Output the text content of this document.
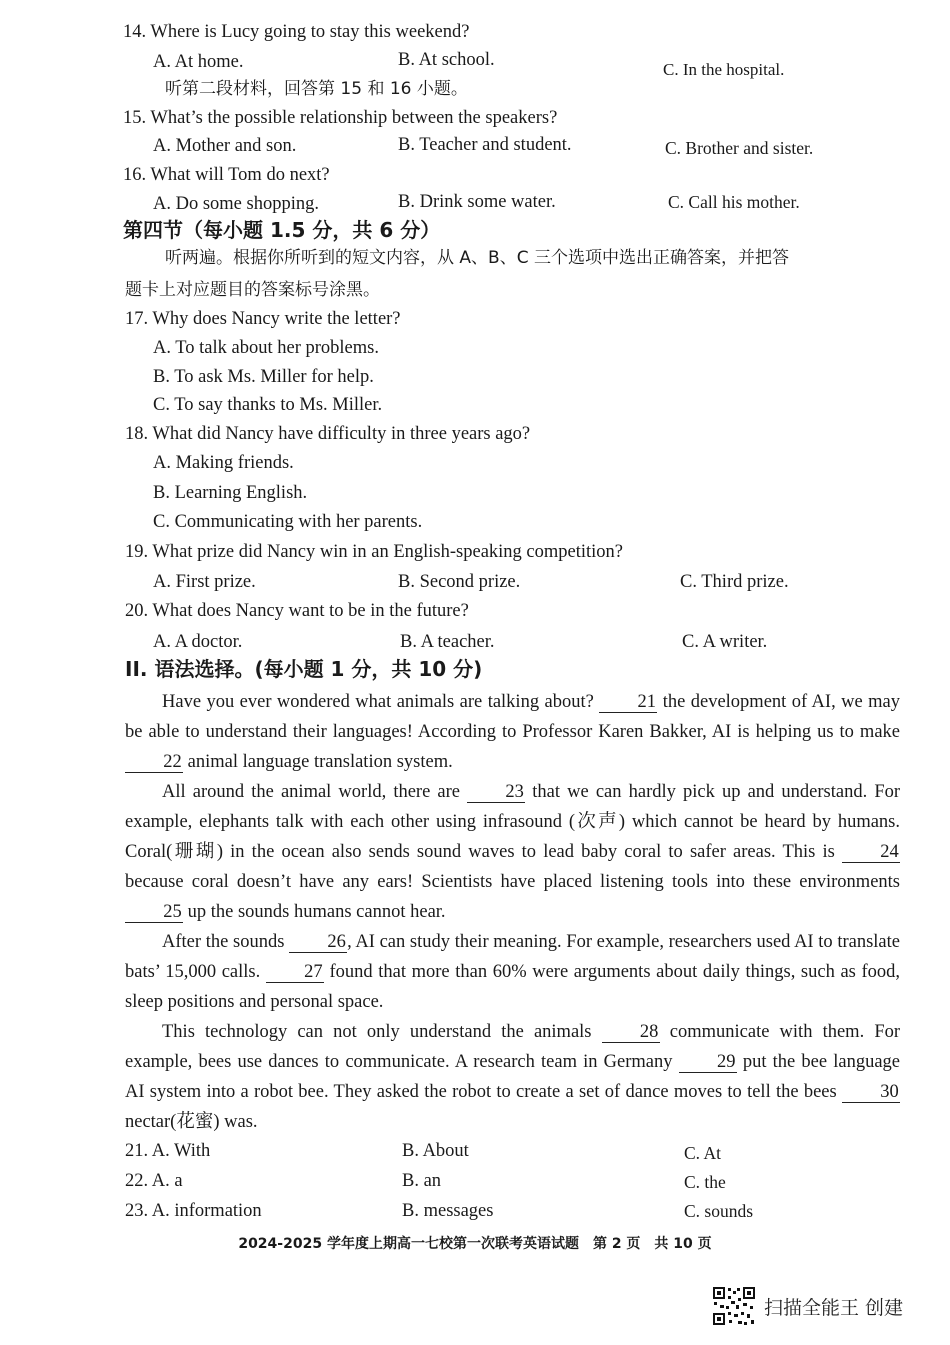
14. Where is Lucy going to stay this weekend?
A. At home.	B. At school.	C. In the hospital.
听第二段材料，回答第 15 和 16 小题。
15. What’s the possible relationship between the speakers?
A. Mother and son.	B. Teacher and student.	C. Brother and sister.
16. What will Tom do next?
A. Do some shopping.	B. Drink some water.	C. Call his mother.
第四节（每小题 1.5 分，共 6 分）
听两遍。根据你所听到的短文内容，从 A、B、C 三个选项中选出正确答案，并把答
题卡上对应题目的答案标号涂黑。
17. Why does Nancy write the letter?
A. To talk about her problems.
B. To ask Ms. Miller for help.
C. To say thanks to Ms. Miller.
18. What did Nancy have difficulty in three years ago?
A. Making friends.
B. Learning English.
C. Communicating with her parents.
19. What prize did Nancy win in an English-speaking competition?
A. First prize.	B. Second prize.	C. Third prize.
20. What does Nancy want to be in the future?
A. A doctor.	B. A teacher.	C. A writer.
II. 语法选择。(每小题 1 分，共 10 分)
Have you ever wondered what animals are talking about? 21 the development of AI, we may be able to understand their languages! According to Professor Karen Bakker, AI is helping us to make 22 animal language translation system.
All around the animal world, there are 23 that we can hardly pick up and understand. For example, elephants talk with each other using infrasound (次声) which cannot be heard by humans. Coral(珊瑚) in the ocean also sends sound waves to lead baby coral to safer areas. This is 24 because coral doesn’t have any ears! Scientists have placed listening tools into these environments 25 up the sounds humans cannot hear.
After the sounds 26, AI can study their meaning. For example, researchers used AI to translate bats’ 15,000 calls. 27 found that more than 60% were arguments about daily things, such as food, sleep positions and personal space.
This technology can not only understand the animals	28 communicate with them. For example, bees use dances to communicate. A research team in Germany 29 put the bee language AI system into a robot bee. They asked the robot to create a set of dance moves to tell the bees 30 nectar(花蜜) was.
21. A. With	B. About	C. At
22. A. a	B. an	C. the
23. A. information	B. messages	C. sounds
2024-2025 学年度上期高一七校第一次联考英语试题　第 2 页　共 10 页
扫描全能王 创建
